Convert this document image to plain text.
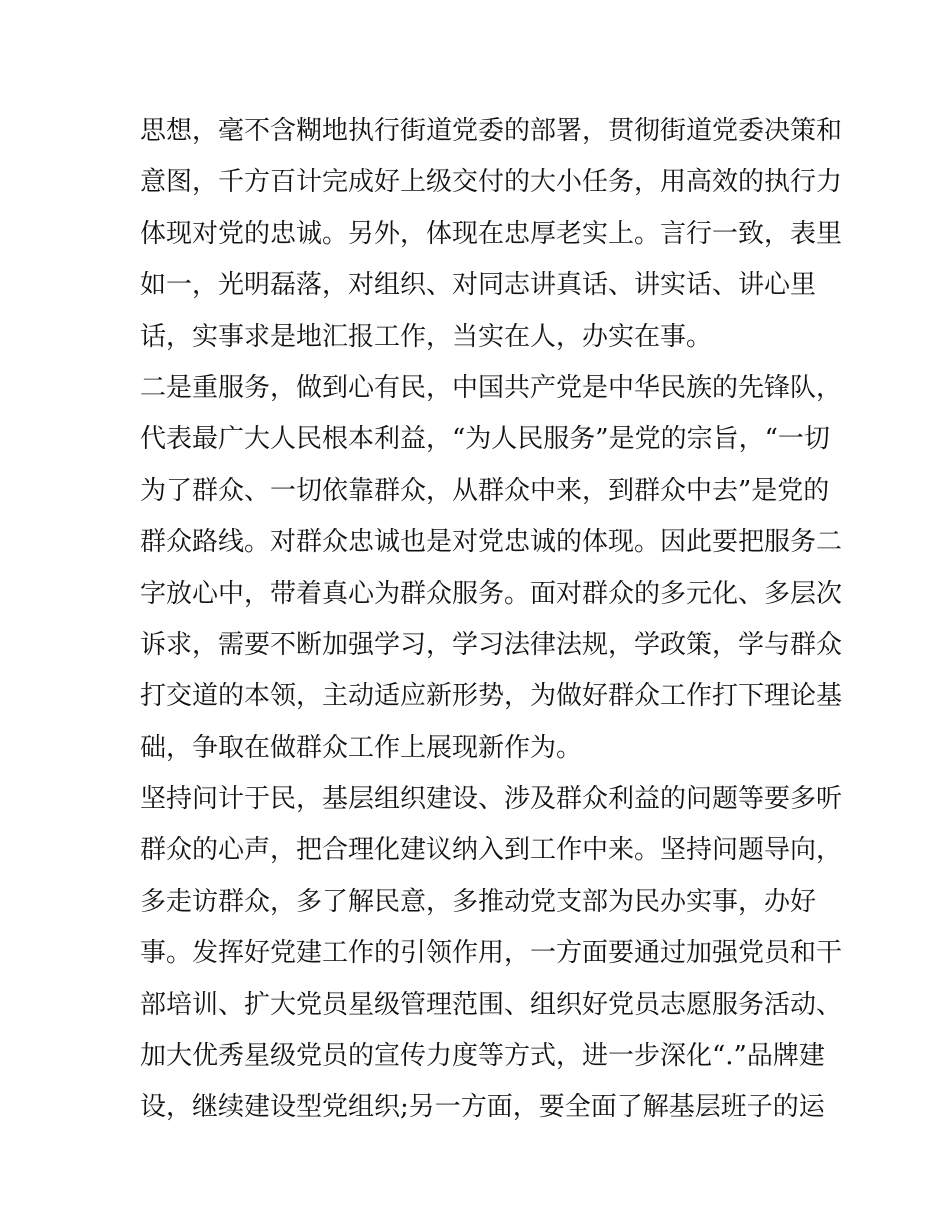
思想，毫不含糊地执行街道党委的部署，贯彻街道党委决策和
意图，千方百计完成好上级交付的大小任务，用高效的执行力
体现对党的忠诚。另外，体现在忠厚老实上。言行一致，表里
如一，光明磊落，对组织、对同志讲真话、讲实话、讲心里
话，实事求是地汇报工作，当实在人，办实在事。
二是重服务，做到心有民，中国共产党是中华民族的先锋队，
代表最广大人民根本利益，“为人民服务”是党的宗旨，“一切
为了群众、一切依靠群众，从群众中来，到群众中去”是党的
群众路线。对群众忠诚也是对党忠诚的体现。因此要把服务二
字放心中，带着真心为群众服务。面对群众的多元化、多层次
诉求，需要不断加强学习，学习法律法规，学政策，学与群众
打交道的本领，主动适应新形势，为做好群众工作打下理论基
础，争取在做群众工作上展现新作为。
坚持问计于民，基层组织建设、涉及群众利益的问题等要多听
群众的心声，把合理化建议纳入到工作中来。坚持问题导向，
多走访群众，多了解民意，多推动党支部为民办实事，办好
事。发挥好党建工作的引领作用，一方面要通过加强党员和干
部培训、扩大党员星级管理范围、组织好党员志愿服务活动、
加大优秀星级党员的宣传力度等方式，进一步深化“.”品牌建
设，继续建设型党组织;另一方面，要全面了解基层班子的运
